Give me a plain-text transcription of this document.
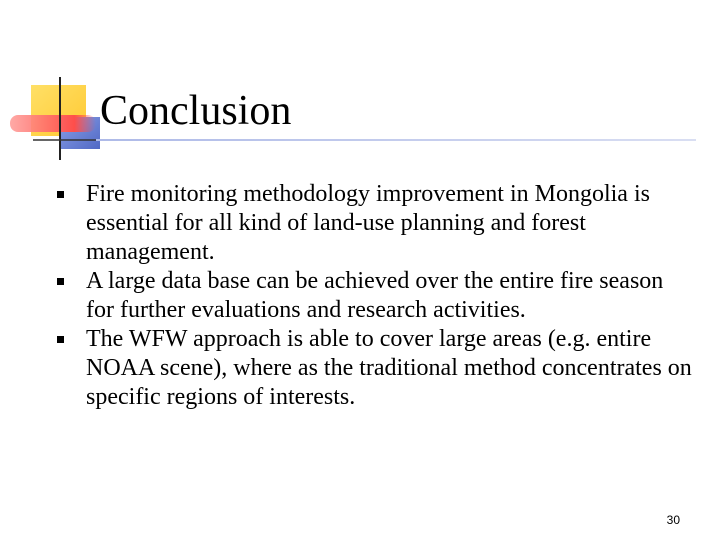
Conclusion
Fire monitoring methodology improvement in Mongolia is essential for all kind of land-use planning and forest management.
A large data base can be achieved over the entire fire season for further evaluations and research activities.
The WFW approach is able to cover large areas (e.g. entire NOAA scene), where as the traditional method concentrates on specific regions of interests.
30
